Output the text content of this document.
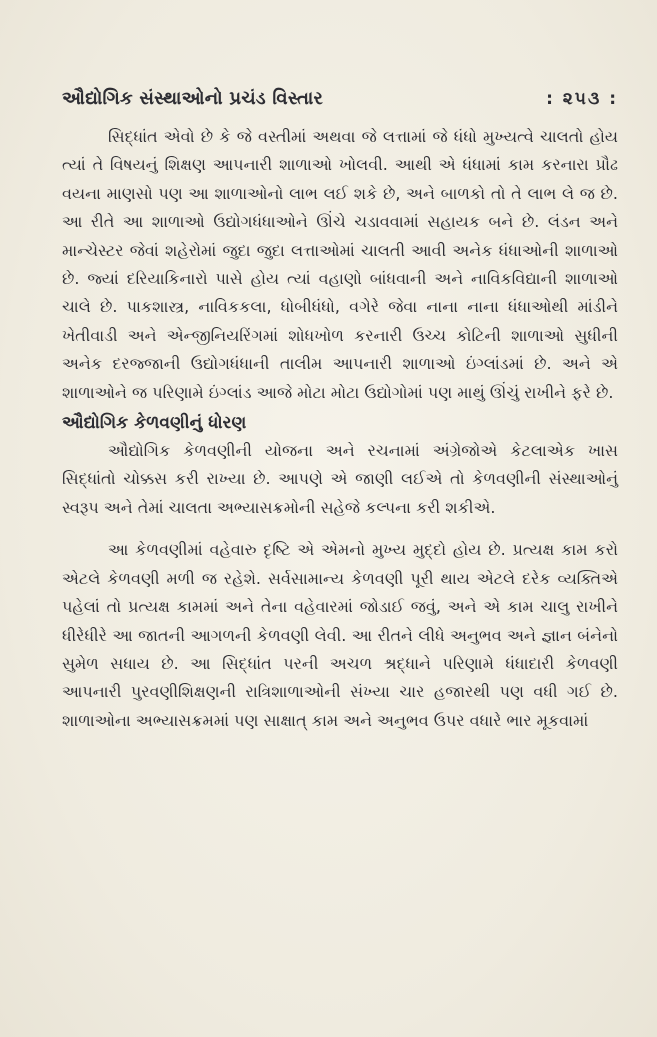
ઔદ્યોગિક સંસ્થાઓનો પ્રચંડ વિસ્તાર	: ૨૫૩ :

સિદ્ધાંત એવો છે કે જે વસ્તીમાં અથવા જે લત્તામાં જે ધંધો મુખ્યત્વે ચાલતો હોય ત્યાં તે વિષયનું શિક્ષણ આપનારી શાળાઓ ખોલવી. આથી એ ધંધામાં કામ કરનારા પ્રૌઢ વયના માણસો પણ આ શાળાઓનો લાભ લઈ શકે છે, અને બાળકો તો તે લાભ લે જ છે. આ રીતે આ શાળાઓ ઉદ્યોગધંધાઓને ઊંચે ચડાવવામાં સહાયક બને છે. લંડન અને માન્ચેસ્ટર જેવાં શહેરોમાં જુદા જુદા લત્તાઓમાં ચાલતી આવી અનેક ધંધાઓની શાળાઓ છે. જ્યાં દરિયાકિનારો પાસે હોય ત્યાં વહાણો બાંધવાની અને નાવિકવિદ્યાની શાળાઓ ચાલે છે. પાકશાસ્ત્ર, નાવિકકલા, ધોબીધંધો, વગેરે જેવા નાના નાના ધંધાઓથી માંડીને ખેતીવાડી અને એન્જીનિયરિંગમાં શોધખોળ કરનારી ઉચ્ચ કોટિની શાળાઓ સુધીની અનેક દરજ્જાની ઉદ્યોગધંધાની તાલીમ આપનારી શાળાઓ ઇંગ્લાંડમાં છે. અને એ શાળાઓને જ પરિણામે ઇંગ્લાંડ આજે મોટા મોટા ઉદ્યોગોમાં પણ માથું ઊંચું રાખીને ફરે છે.

ઔદ્યોગિક કેળવણીનું ધોરણ

ઔદ્યોગિક કેળવણીની યોજના અને રચનામાં અંગ્રેજોએ કેટલાએક ખાસ સિદ્ધાંતો ચોક્કસ કરી રાખ્યા છે. આપણે એ જાણી લઈએ તો કેળવણીની સંસ્થાઓનું સ્વરૂપ અને તેમાં ચાલતા અભ્યાસક્રમોની સહેજે કલ્પના કરી શકીએ.

આ કેળવણીમાં વહેવારુ દૃષ્ટિ એ એમનો મુખ્ય મુદ્દો હોય છે. પ્રત્યક્ષ કામ કરો એટલે કેળવણી મળી જ રહેશે. સર્વસામાન્ય કેળવણી પૂરી થાય એટલે દરેક વ્યક્તિએ પહેલાં તો પ્રત્યક્ષ કામમાં અને તેના વહેવારમાં જોડાઈ જવું, અને એ કામ ચાલુ રાખીને ધીરેધીરે આ જાતની આગળની કેળવણી લેવી. આ રીતને લીધે અનુભવ અને જ્ઞાન બંનેનો સુમેળ સધાય છે. આ સિદ્ધાંત પરની અચળ શ્રદ્ધાને પરિણામે ધંધાદારી કેળવણી આપનારી પુરવણીશિક્ષણની રાત્રિશાળાઓની સંખ્યા ચાર હજારથી પણ વધી ગઈ છે. શાળાઓના અભ્યાસક્રમમાં પણ સાક્ષાત્ કામ અને અનુભવ ઉપર વધારે ભાર મૂકવામાં
